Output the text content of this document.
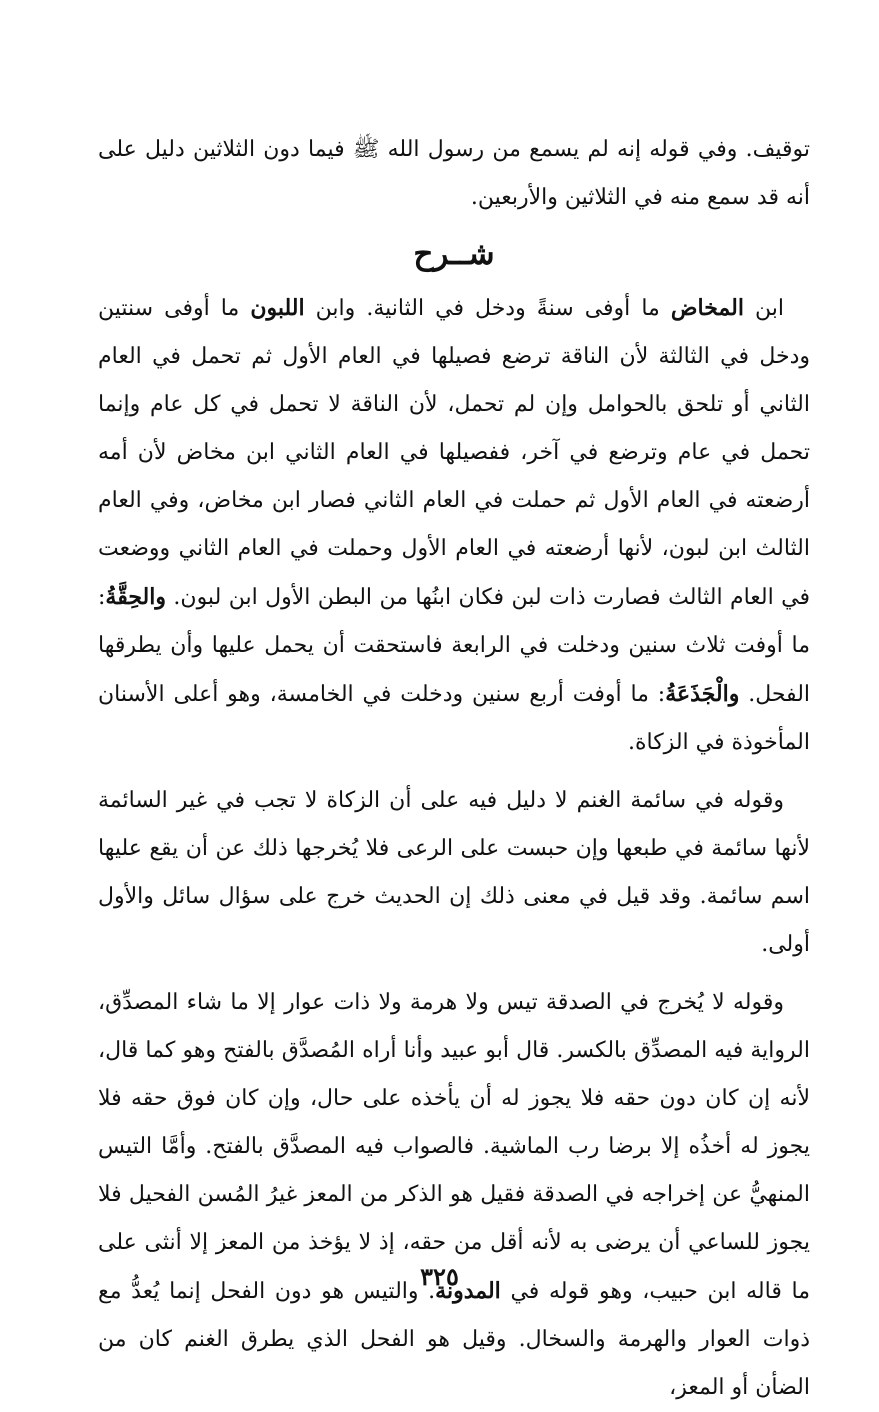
توقيف. وفي قوله إنه لم يسمع من رسول الله ﷺ فيما دون الثلاثين دليل على أنه قد سمع منه في الثلاثين والأربعين.

شــرح

ابن المخاض ما أوفى سنةً ودخل في الثانية. وابن اللبون ما أوفى سنتين ودخل في الثالثة لأن الناقة ترضع فصيلها في العام الأول ثم تحمل في العام الثاني أو تلحق بالحوامل وإن لم تحمل، لأن الناقة لا تحمل في كل عام وإنما تحمل في عام وترضع في آخر، ففصيلها في العام الثاني ابن مخاض لأن أمه أرضعته في العام الأول ثم حملت في العام الثاني فصار ابن مخاض، وفي العام الثالث ابن لبون، لأنها أرضعته في العام الأول وحملت في العام الثاني ووضعت في العام الثالث فصارت ذات لبن فكان ابنُها من البطن الأول ابن لبون. والحِقَّةُ: ما أوفت ثلاث سنين ودخلت في الرابعة فاستحقت أن يحمل عليها وأن يطرقها الفحل. والْجَذَعَةُ: ما أوفت أربع سنين ودخلت في الخامسة، وهو أعلى الأسنان المأخوذة في الزكاة.

وقوله في سائمة الغنم لا دليل فيه على أن الزكاة لا تجب في غير السائمة لأنها سائمة في طبعها وإن حبست على الرعى فلا يُخرجها ذلك عن أن يقع عليها اسم سائمة. وقد قيل في معنى ذلك إن الحديث خرج على سؤال سائل والأول أولى.

وقوله لا يُخرج في الصدقة تيس ولا هرمة ولا ذات عوار إلا ما شاء المصدِّق، الرواية فيه المصدِّق بالكسر. قال أبو عبيد وأنا أراه المُصدَّق بالفتح وهو كما قال، لأنه إن كان دون حقه فلا يجوز له أن يأخذه على حال، وإن كان فوق حقه فلا يجوز له أخذُه إلا برضا رب الماشية. فالصواب فيه المصدَّق بالفتح. وأمَّا التيس المنهيُّ عن إخراجه في الصدقة فقيل هو الذكر من المعز غيرُ المُسن الفحيل فلا يجوز للساعي أن يرضى به لأنه أقل من حقه، إذ لا يؤخذ من المعز إلا أنثى على ما قاله ابن حبيب، وهو قوله في المدونة. والتيس هو دون الفحل إنما يُعدُّ مع ذوات العوار والهرمة والسخال. وقيل هو الفحل الذي يطرق الغنم كان من الضأن أو المعز،

٣٢٥
